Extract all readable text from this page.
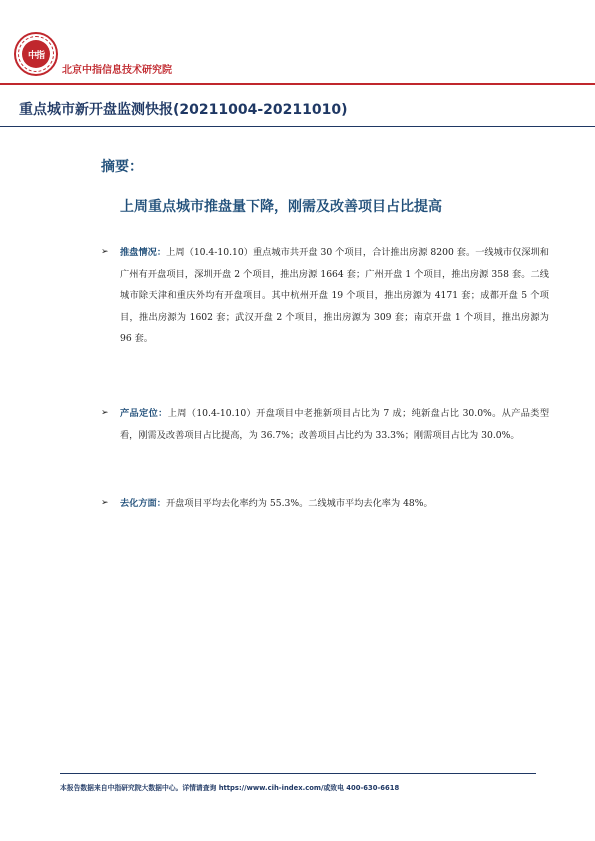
中指
北京中指信息技术研究院
重点城市新开盘监测快报(20211004-20211010)
摘要：
上周重点城市推盘量下降，刚需及改善项目占比提高
➢ 推盘情况：上周（10.4-10.10）重点城市共开盘 30 个项目，合计推出房源 8200 套。一线城市仅深圳和广州有开盘项目，深圳开盘 2 个项目，推出房源 1664 套；广州开盘 1 个项目，推出房源 358 套。二线城市除天津和重庆外均有开盘项目。其中杭州开盘 19 个项目，推出房源为 4171 套；成都开盘 5 个项目，推出房源为 1602 套；武汉开盘 2 个项目，推出房源为 309 套；南京开盘 1 个项目，推出房源为 96 套。
➢ 产品定位：上周（10.4-10.10）开盘项目中老推新项目占比为 7 成；纯新盘占比 30.0%。从产品类型看，刚需及改善项目占比提高，为 36.7%；改善项目占比约为 33.3%；刚需项目占比为 30.0%。
➢ 去化方面：开盘项目平均去化率约为 55.3%。二线城市平均去化率为 48%。
本报告数据来自中指研究院大数据中心。详情请查询 https://www.cih-index.com/或致电 400-630-6618
